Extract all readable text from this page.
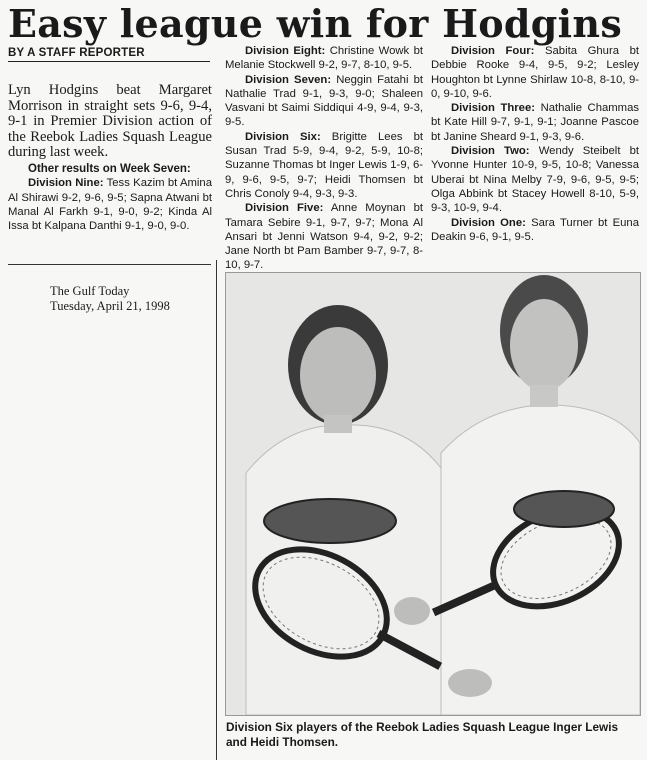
Easy league win for Hodgins
BY A STAFF REPORTER
Lyn Hodgins beat Margaret Morrison in straight sets 9-6, 9-4, 9-1 in Premier Division action of the Reebok Ladies Squash League during last week.

Other results on Week Seven:

Division Nine: Tess Kazim bt Amina Al Shirawi 9-2, 9-6, 9-5; Sapna Atwani bt Manal Al Farkh 9-1, 9-0, 9-2; Kinda Al Issa bt Kalpana Danthi 9-1, 9-0, 9-0.

Division Eight: Christine Wowk bt Melanie Stockwell 9-2, 9-7, 8-10, 9-5.

Division Seven: Neggin Fatahi bt Nathalie Trad 9-1, 9-3, 9-0; Shaleen Vasvani bt Saimi Siddiqui 4-9, 9-4, 9-3, 9-5.

Division Six: Brigitte Lees bt Susan Trad 5-9, 9-4, 9-2, 5-9, 10-8; Suzanne Thomas bt Inger Lewis 1-9, 6-9, 9-6, 9-5, 9-7; Heidi Thomsen bt Chris Conoly 9-4, 9-3, 9-3.

Division Five: Anne Moynan bt Tamara Sebire 9-1, 9-7, 9-7; Mona Al Ansari bt Jenni Watson 9-4, 9-2, 9-2; Jane North bt Pam Bamber 9-7, 9-7, 8-10, 9-7.

Division Four: Sabita Ghura bt Debbie Rooke 9-4, 9-5, 9-2; Lesley Houghton bt Lynne Shirlaw 10-8, 8-10, 9-0, 9-10, 9-6.

Division Three: Nathalie Chammas bt Kate Hill 9-7, 9-1, 9-1; Joanne Pascoe bt Janine Sheard 9-1, 9-3, 9-6.

Division Two: Wendy Steibelt bt Yvonne Hunter 10-9, 9-5, 10-8; Vanessa Uberai bt Nina Melby 7-9, 9-6, 9-5, 9-5; Olga Abbink bt Stacey Howell 8-10, 5-9, 9-3, 10-9, 9-4.

Division One: Sara Turner bt Euna Deakin 9-6, 9-1, 9-5.

The Gulf Today
Tuesday, April 21, 1998
Division Six players of the Reebok Ladies Squash League Inger Lewis and Heidi Thomsen.
